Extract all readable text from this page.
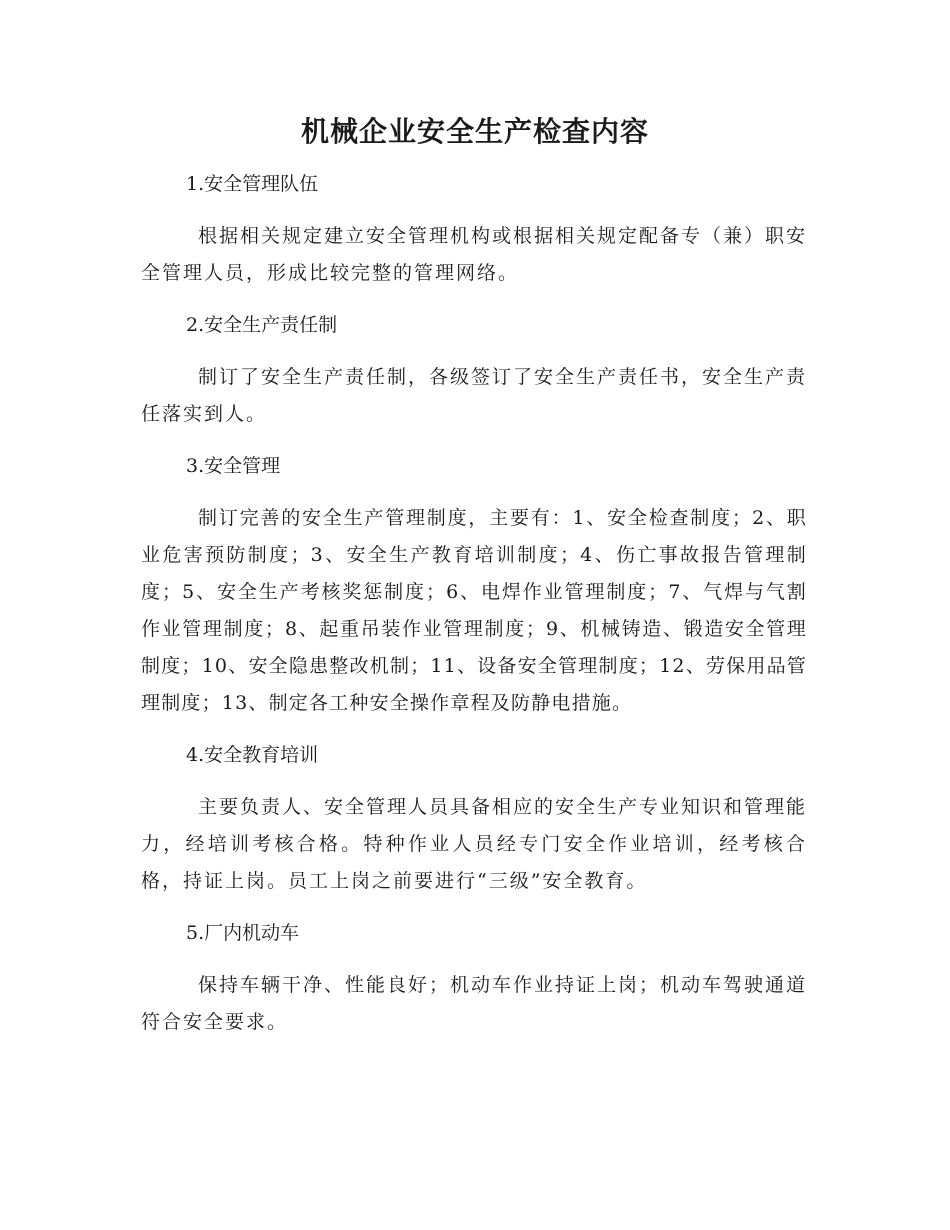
机械企业安全生产检查内容

1.安全管理队伍

根据相关规定建立安全管理机构或根据相关规定配备专（兼）职安全管理人员，形成比较完整的管理网络。

2.安全生产责任制

制订了安全生产责任制，各级签订了安全生产责任书，安全生产责任落实到人。

3.安全管理

制订完善的安全生产管理制度，主要有：1、安全检查制度；2、职业危害预防制度；3、安全生产教育培训制度；4、伤亡事故报告管理制度；5、安全生产考核奖惩制度；6、电焊作业管理制度；7、气焊与气割作业管理制度；8、起重吊装作业管理制度；9、机械铸造、锻造安全管理制度；10、安全隐患整改机制；11、设备安全管理制度；12、劳保用品管理制度；13、制定各工种安全操作章程及防静电措施。

4.安全教育培训

主要负责人、安全管理人员具备相应的安全生产专业知识和管理能力，经培训考核合格。特种作业人员经专门安全作业培训，经考核合格，持证上岗。员工上岗之前要进行“三级”安全教育。

5.厂内机动车

保持车辆干净、性能良好；机动车作业持证上岗；机动车驾驶通道符合安全要求。
